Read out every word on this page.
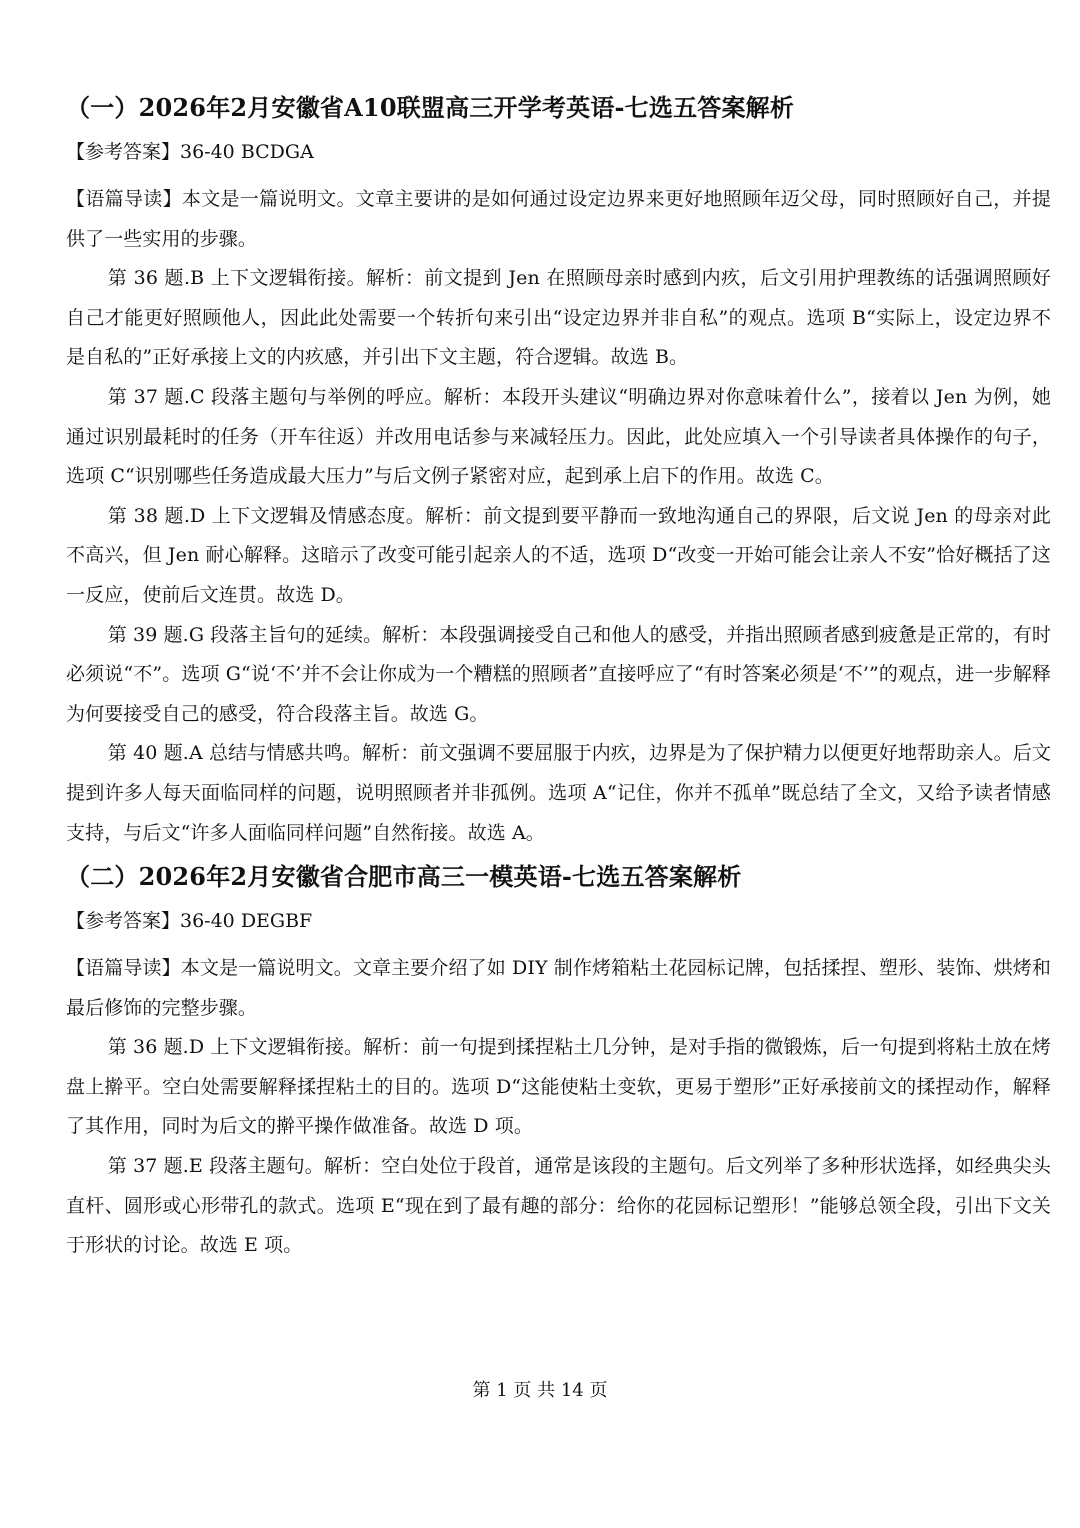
（一）2026年2月安徽省A10联盟高三开学考英语-七选五答案解析
【参考答案】36-40 BCDGA

【语篇导读】本文是一篇说明文。文章主要讲的是如何通过设定边界来更好地照顾年迈父母，同时照顾好自己，并提供了一些实用的步骤。

第 36 题.B 上下文逻辑衔接。解析：前文提到 Jen 在照顾母亲时感到内疚，后文引用护理教练的话强调照顾好自己才能更好照顾他人，因此此处需要一个转折句来引出“设定边界并非自私”的观点。选项 B“实际上，设定边界不是自私的”正好承接上文的内疚感，并引出下文主题，符合逻辑。故选 B。

第 37 题.C 段落主题句与举例的呼应。解析：本段开头建议“明确边界对你意味着什么”，接着以 Jen 为例，她通过识别最耗时的任务（开车往返）并改用电话参与来减轻压力。因此，此处应填入一个引导读者具体操作的句子，选项 C“识别哪些任务造成最大压力”与后文例子紧密对应，起到承上启下的作用。故选 C。

第 38 题.D 上下文逻辑及情感态度。解析：前文提到要平静而一致地沟通自己的界限，后文说 Jen 的母亲对此不高兴，但 Jen 耐心解释。这暗示了改变可能引起亲人的不适，选项 D“改变一开始可能会让亲人不安”恰好概括了这一反应，使前后文连贯。故选 D。

第 39 题.G 段落主旨句的延续。解析：本段强调接受自己和他人的感受，并指出照顾者感到疲惫是正常的，有时必须说“不”。选项 G“说‘不’并不会让你成为一个糟糕的照顾者”直接呼应了“有时答案必须是‘不’”的观点，进一步解释为何要接受自己的感受，符合段落主旨。故选 G。

第 40 题.A 总结与情感共鸣。解析：前文强调不要屈服于内疚，边界是为了保护精力以便更好地帮助亲人。后文提到许多人每天面临同样的问题，说明照顾者并非孤例。选项 A“记住，你并不孤单”既总结了全文，又给予读者情感支持，与后文“许多人面临同样问题”自然衔接。故选 A。

（二）2026年2月安徽省合肥市高三一模英语-七选五答案解析
【参考答案】36-40 DEGBF

【语篇导读】本文是一篇说明文。文章主要介绍了如 DIY 制作烤箱粘土花园标记牌，包括揉捏、塑形、装饰、烘烤和最后修饰的完整步骤。

第 36 题.D 上下文逻辑衔接。解析：前一句提到揉捏粘土几分钟，是对手指的微锻炼，后一句提到将粘土放在烤盘上擀平。空白处需要解释揉捏粘土的目的。选项 D“这能使粘土变软，更易于塑形”正好承接前文的揉捏动作，解释了其作用，同时为后文的擀平操作做准备。故选 D 项。

第 37 题.E 段落主题句。解析：空白处位于段首，通常是该段的主题句。后文列举了多种形状选择，如经典尖头直杆、圆形或心形带孔的款式。选项 E“现在到了最有趣的部分：给你的花园标记塑形！”能够总领全段，引出下文关于形状的讨论。故选 E 项。

第 1 页 共 14 页
